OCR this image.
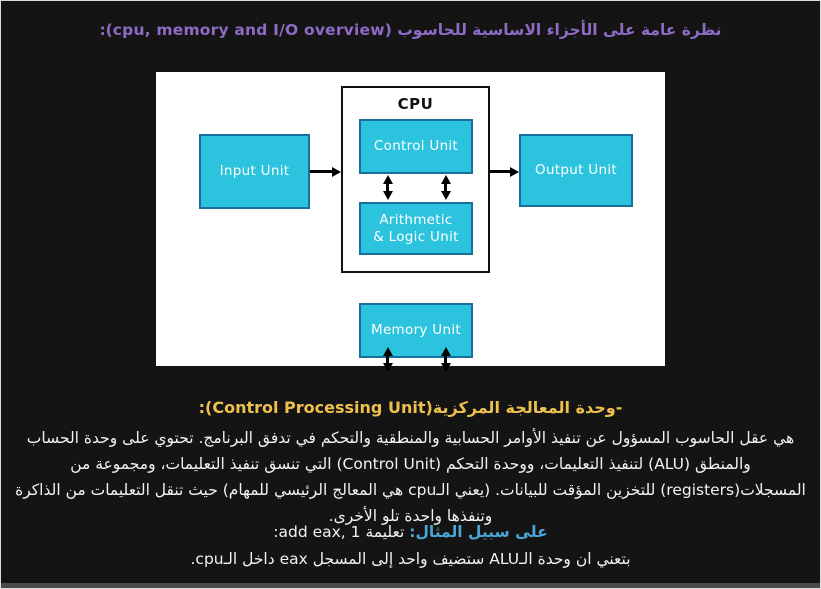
نظرة عامة على الأجزاء الاساسية للحاسوب (cpu, memory and I/O overview):
CPU
Input Unit
Control Unit
Arithmetic
& Logic Unit
Output Unit
Memory Unit
-وحدة المعالجة المركزية(Control Processing Unit):

هي عقل الحاسوب المسؤول عن تنفيذ الأوامر الحسابية والمنطقية والتحكم في تدفق البرنامج. تحتوي على وحدة الحساب والمنطق (ALU) لتنفيذ التعليمات، ووحدة التحكم (Control Unit) التي تنسق تنفيذ التعليمات، ومجموعة من المسجلات(registers) للتخزين المؤقت للبيانات. (يعني الـcpu هي المعالج الرئيسي للمهام) حيث تنقل التعليمات من الذاكرة وتنفذها واحدة تلو الأخرى.

على سبيل المثال: تعليمة add eax, 1:
بتعني ان وحدة الـALU ستضيف واحد إلى المسجل eax داخل الـcpu.
